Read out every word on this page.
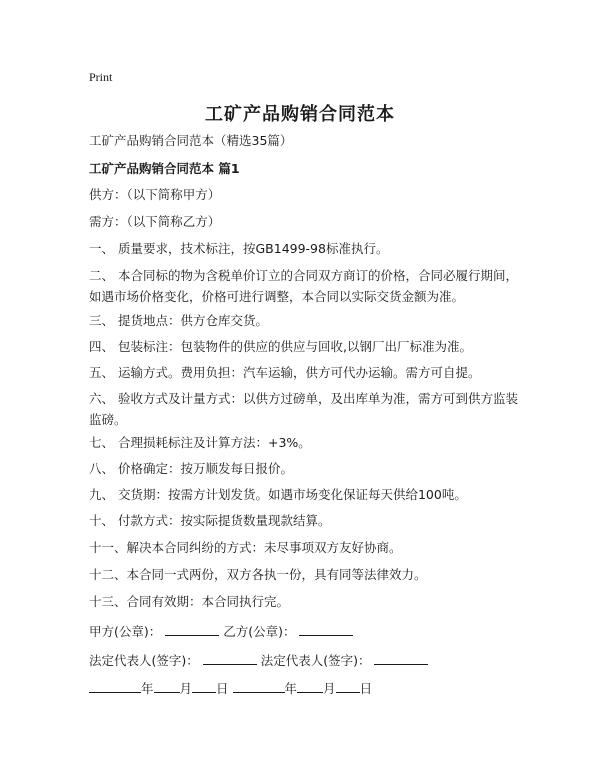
Print
工矿产品购销合同范本
工矿产品购销合同范本（精选35篇）
工矿产品购销合同范本 篇1
供方：（以下简称甲方）
需方：（以下简称乙方）
一、 质量要求，技术标注，按GB1499-98标准执行。
二、 本合同标的物为含税单价订立的合同双方商订的价格，合同必履行期间，如遇市场价格变化，价格可进行调整，本合同以实际交货金额为准。
三、 提货地点：供方仓库交货。
四、 包装标注：包装物件的供应的供应与回收,以钢厂出厂标准为准。
五、 运输方式。费用负担：汽车运输，供方可代办运输。需方可自提。
六、 验收方式及计量方式：以供方过磅单，及出库单为准，需方可到供方监装监磅。
七、 合理损耗标注及计算方法：+3%。
八、 价格确定：按万顺发每日报价。
九、 交货期：按需方计划发货。如遇市场变化保证每天供给100吨。
十、 付款方式：按实际提货数量现款结算。
十一、解决本合同纠纷的方式：未尽事项双方友好协商。
十二、本合同一式两份，双方各执一份，具有同等法律效力。
十三、合同有效期：本合同执行完。
甲方(公章)：	乙方(公章)：
法定代表人(签字)：	法定代表人(签字)：
年 月 日	年 月 日
